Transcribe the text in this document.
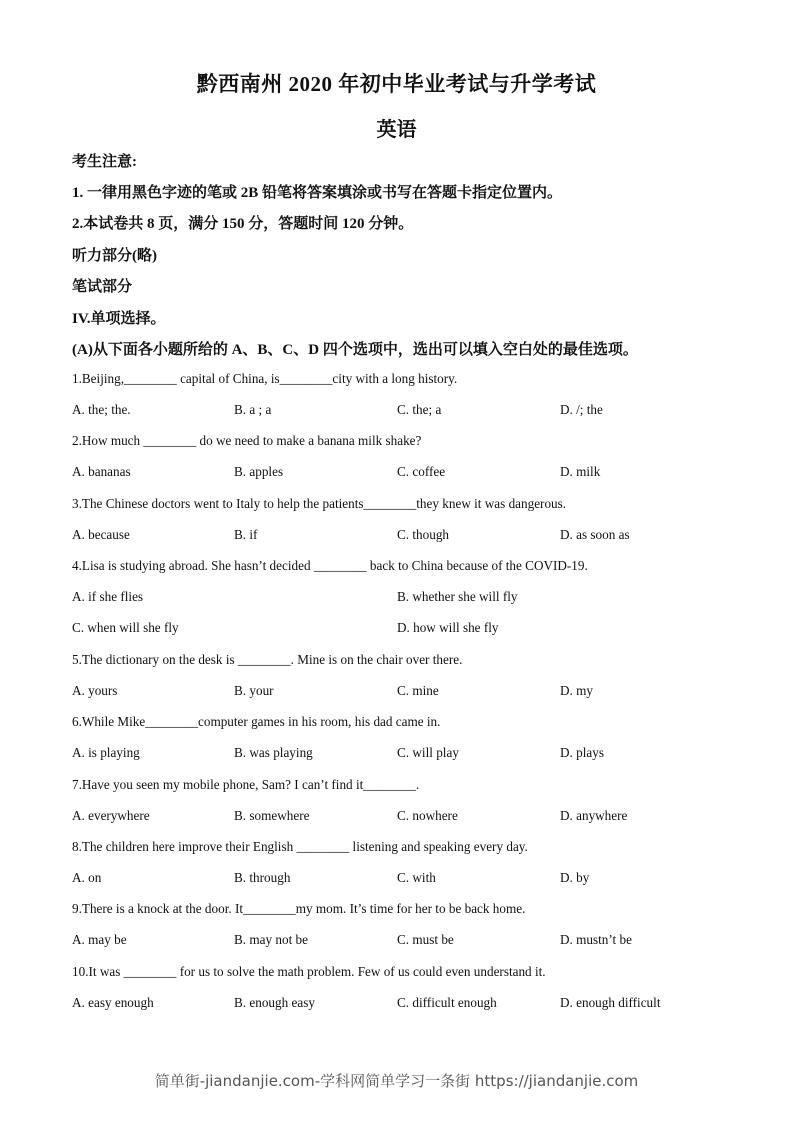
黔西南州 2020 年初中毕业考试与升学考试
英语
考生注意:
1. 一律用黑色字迹的笔或 2B 铅笔将答案填涂或书写在答题卡指定位置内。
2.本试卷共 8 页，满分 150 分，答题时间 120 分钟。
听力部分(略)
笔试部分
IV.单项选择。
(A)从下面各小题所给的 A、B、C、D 四个选项中，选出可以填入空白处的最佳选项。
1.Beijing,________ capital of China, is________city with a long history.
A. the; the.	B. a ; a	C. the; a	D. /; the
2.How much ________ do we need to make a banana milk shake?
A. bananas	B. apples	C. coffee	D. milk
3.The Chinese doctors went to Italy to help the patients________they knew it was dangerous.
A. because	B. if	C. though	D. as soon as
4.Lisa is studying abroad. She hasn’t decided ________ back to China because of the COVID-19.
A. if she flies	B. whether she will fly
C. when will she fly	D. how will she fly
5.The dictionary on the desk is ________. Mine is on the chair over there.
A. yours	B. your	C. mine	D. my
6.While Mike________computer games in his room, his dad came in.
A. is playing	B. was playing	C. will play	D. plays
7.Have you seen my mobile phone, Sam? I can’t find it________.
A. everywhere	B. somewhere	C. nowhere	D. anywhere
8.The children here improve their English ________ listening and speaking every day.
A. on	B. through	C. with	D. by
9.There is a knock at the door. It________my mom. It’s time for her to be back home.
A. may be	B. may not be	C. must be	D. mustn’t be
10.It was ________ for us to solve the math problem. Few of us could even understand it.
A. easy enough	B. enough easy	C. difficult enough	D. enough difficult
简单街-jiandanjie.com-学科网简单学习一条街 https://jiandanjie.com
